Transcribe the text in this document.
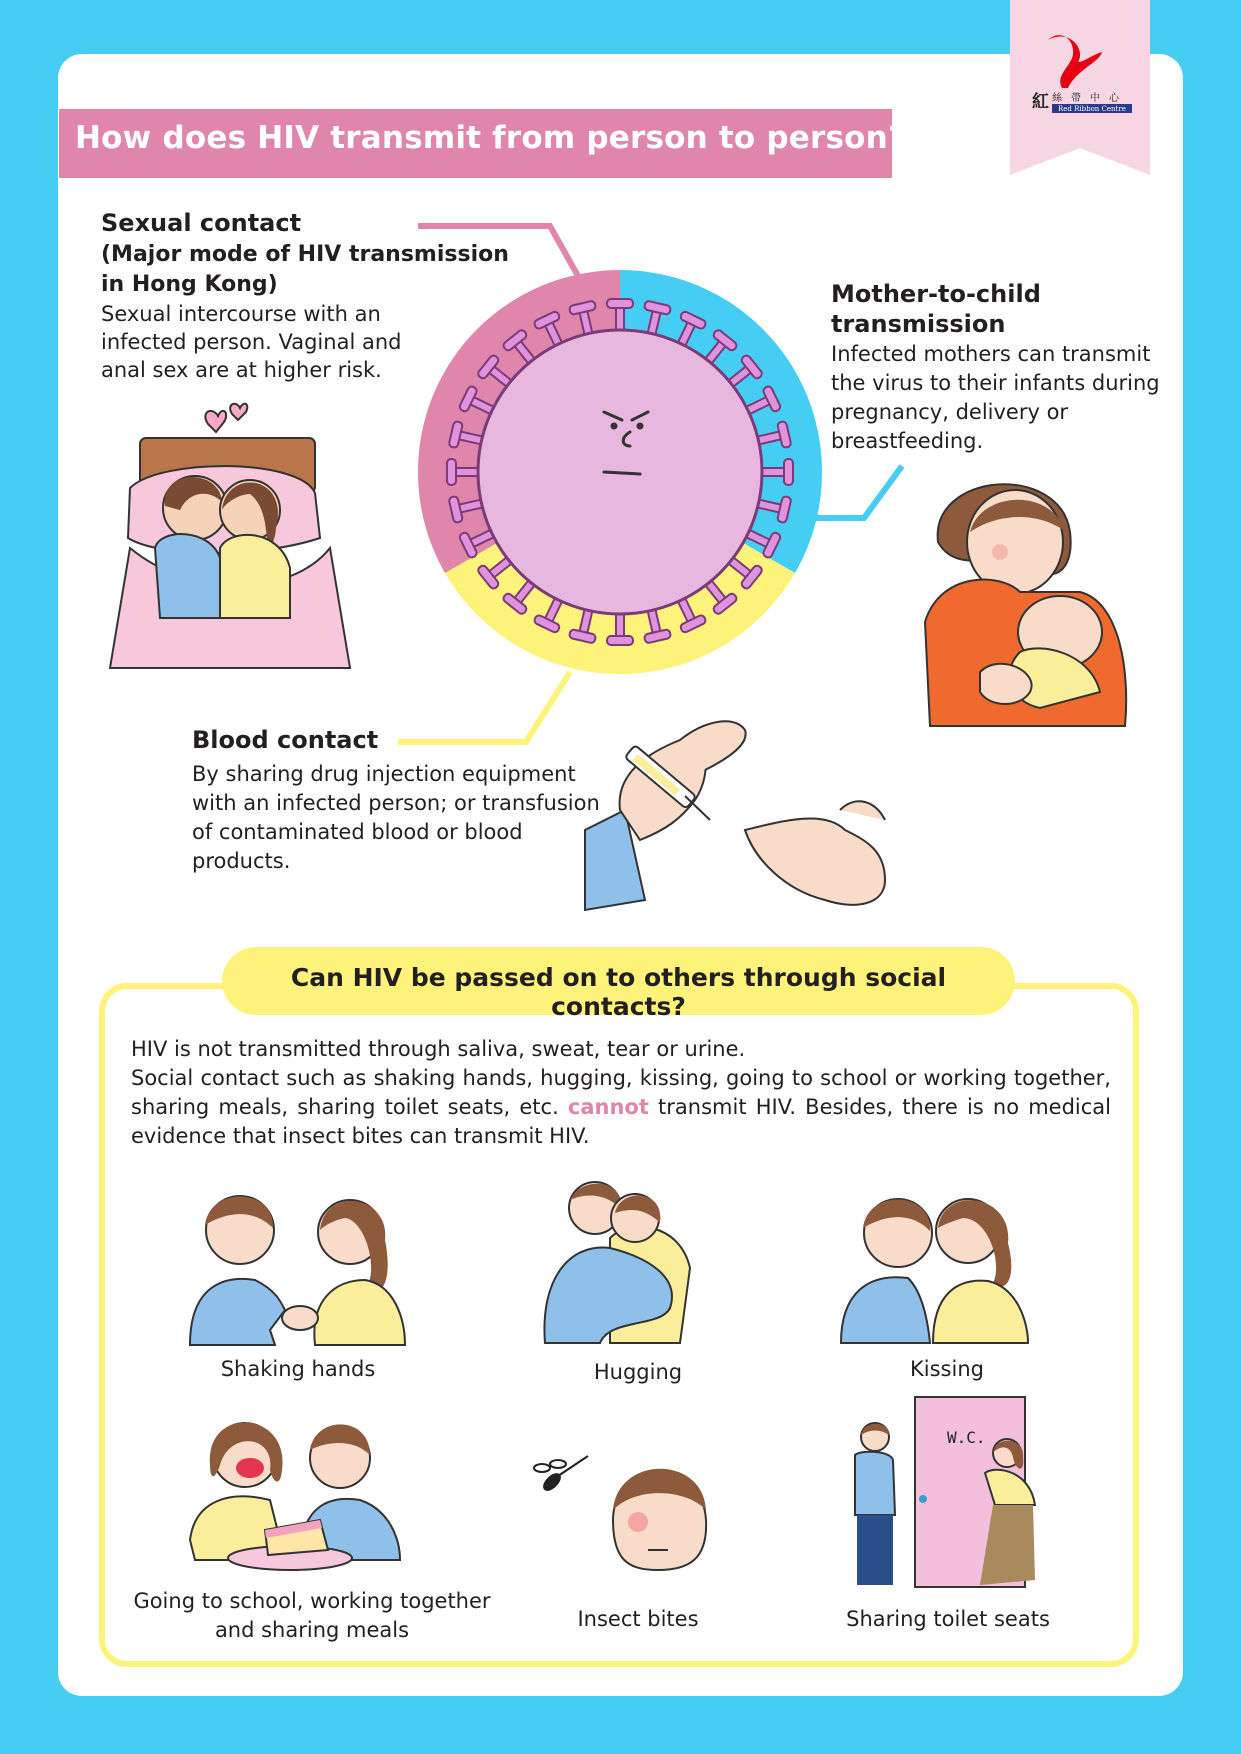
紅 絲帶中心
Red Ribbon Centre
How does HIV transmit from person to person?
Sexual contact
(Major mode of HIV transmission
in Hong Kong)
Sexual intercourse with an
infected person. Vaginal and
anal sex are at higher risk.
Mother-to-child
transmission
Infected mothers can transmit
the virus to their infants during
pregnancy, delivery or
breastfeeding.
Blood contact
By sharing drug injection equipment
with an infected person; or transfusion
of contaminated blood or blood
products.
Can HIV be passed on to others through social contacts?

HIV is not transmitted through saliva, sweat, tear or urine.

Social contact such as shaking hands, hugging, kissing, going to school or working together, sharing meals, sharing toilet seats, etc. cannot transmit HIV. Besides, there is no medical evidence that insect bites can transmit HIV.

Shaking hands	Hugging	Kissing
Going to school, working together
and sharing meals	Insect bites
W.C.
Sharing toilet seats
